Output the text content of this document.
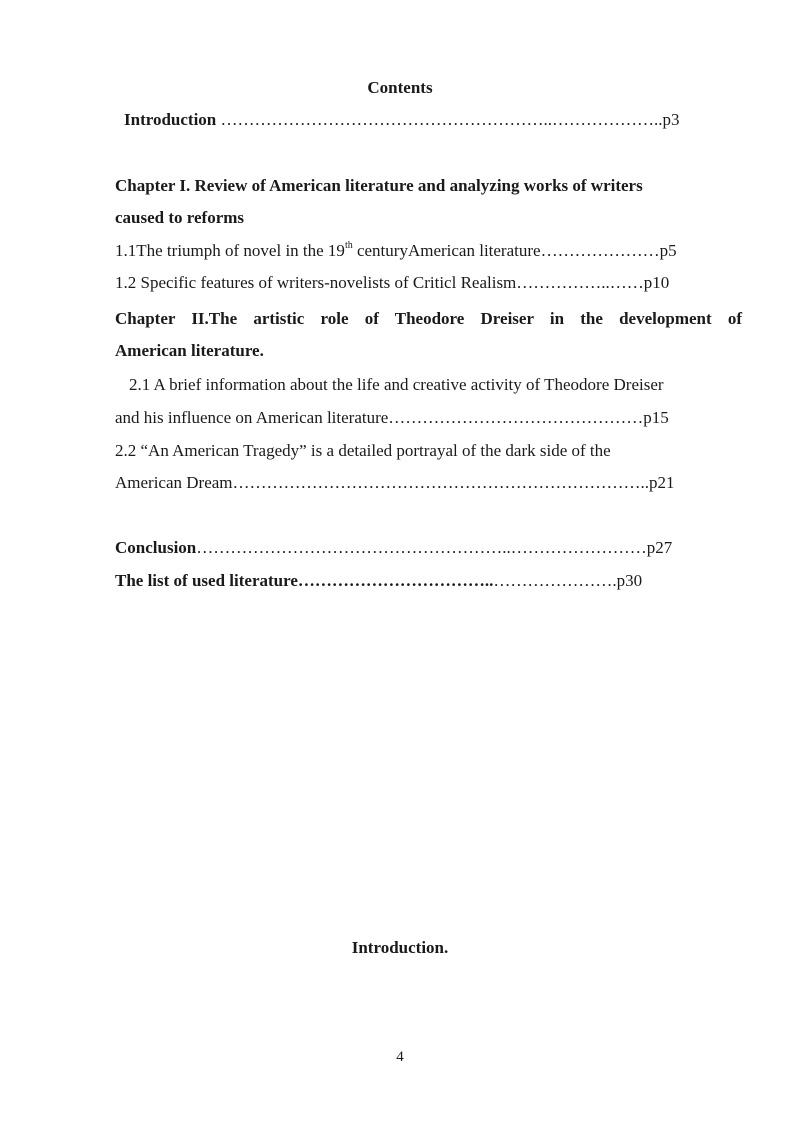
Contents
Introduction …………………………………………………..………………..p3
Chapter I. Review of American literature and analyzing works of writers
caused to reforms
1.1The triumph of novel in the 19th centuryAmerican literature…………………p5
1.2 Specific features of writers-novelists of Criticl Realism……………..……p10
Chapter II.The artistic role of Theodore Dreiser in the development of
American literature.
2.1 A brief information about the life and creative activity of Theodore Dreiser
and his influence on American literature………………………………………p15
2.2 “An American Tragedy” is a detailed portrayal of the dark side of the
American Dream………………………………………………………………..p21
Conclusion………………………………………………..……………………p27
The list of used literature……………………………..………………….p30
Introduction.
4
